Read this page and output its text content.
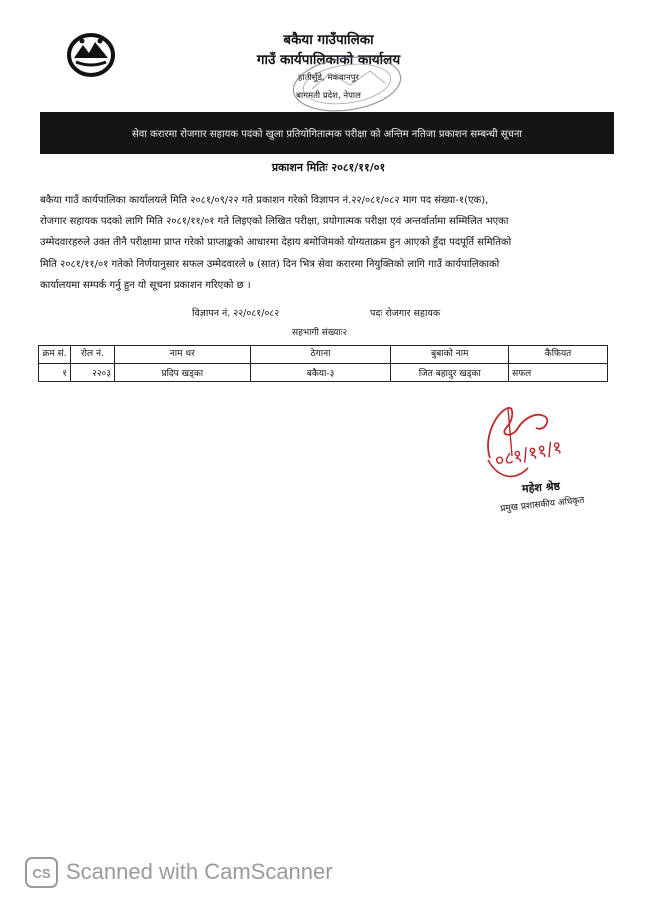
बकैया गाउँपालिका
गाउँ कार्यपालिकाको कार्यालय
हातीसुँडे, मकवानपुर
बागमती प्रदेश, नेपाल
सेवा करारमा रोजगार सहायक पदको खुला प्रतियोगितात्मक परीक्षा को अन्तिम नतिजा प्रकाशन सम्बन्धी सूचना
प्रकाशन मितिः २०८१/११/०१
बकैया गाउँ कार्यपालिका कार्यालयले मिति २०८१/०९/२२ गते प्रकाशन गरेको विज्ञापन नं.२२/०८१/०८२ माग पद संख्या-१(एक),
रोजगार सहायक पदको लागि मिति २०८१/११/०१ गते लिइएको लिखित परीक्षा, प्रयोगात्मक परीक्षा एवं अन्तर्वार्तामा सम्मिलित भएका
उम्मेदवारहरुले उक्त तीनै परीक्षामा प्राप्त गरेको प्राप्ताङ्कको आधारमा देहाय बमोजिमको योग्यताक्रम हुन आएको हुँदा पदपूर्ति समितिको
मिति २०८१/११/०१ गतेको निर्णयानुसार सफल उम्मेदवारले ७ (सात) दिन भित्र सेवा करारमा नियुक्तिको लागि गाउँ कार्यपालिकाको
कार्यालयमा सम्पर्क गर्नु हुन यो सूचना प्रकाशन गरिएको छ ।
विज्ञापन नं. २२/०८१/०८२	पदः रोजगार सहायक
सहभागी संख्याः२
क्रम सं.	रोल नं.	नाम थर	ठेगाना	बुबाको नाम	कैफियत
१	२२०३	प्रदिप खड्का	बकैया-३	जित बहादुर खड्का	सफल
०८१/११/१
महेश श्रेष्ठ
प्रमुख प्रशासकीय अधिकृत
CS Scanned with CamScanner
